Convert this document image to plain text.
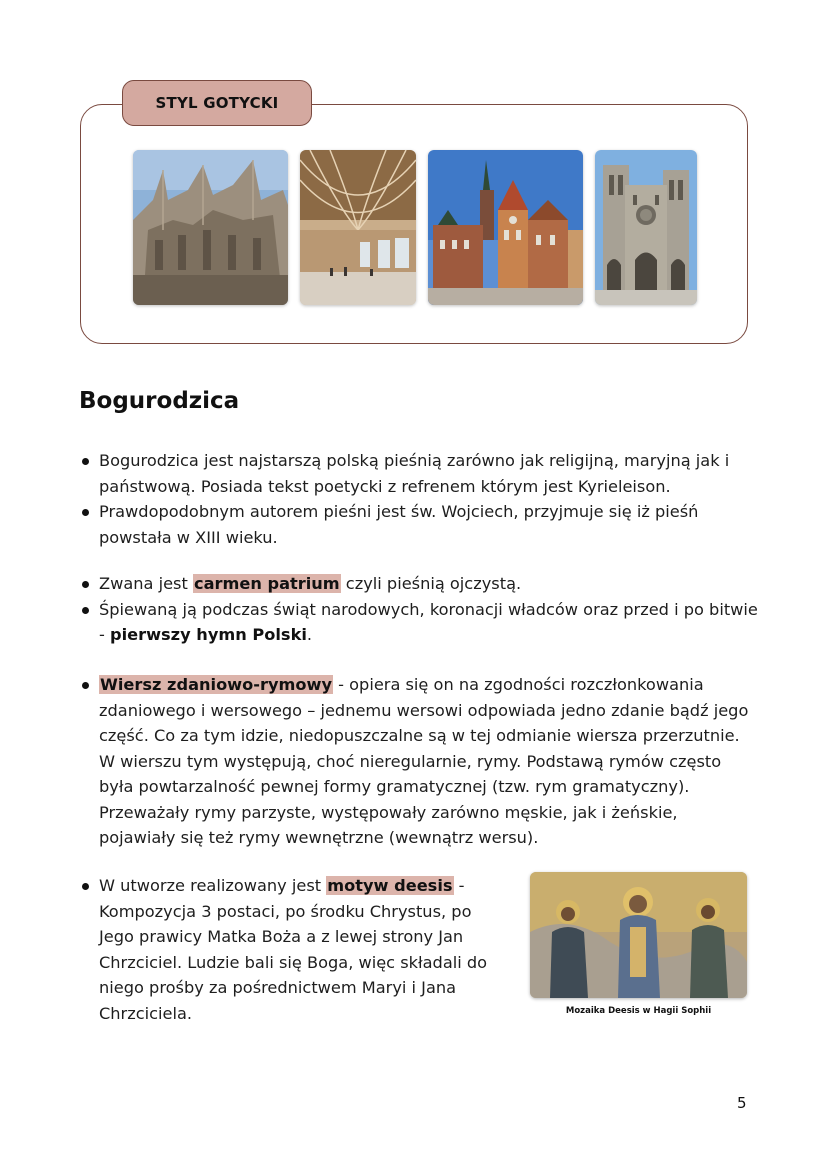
STYL GOTYCKI
Bogurodzica
Bogurodzica jest najstarszą polską pieśnią zarówno jak religijną, maryjną jak i państwową. Posiada tekst poetycki z refrenem którym jest Kyrieleison.
Prawdopodobnym autorem pieśni jest św. Wojciech, przyjmuje się iż pieśń powstała w XIII wieku.
Zwana jest carmen patrium czyli pieśnią ojczystą.
Śpiewaną ją podczas świąt narodowych, koronacji władców oraz przed i po bitwie - pierwszy hymn Polski.
Wiersz zdaniowo-rymowy - opiera się on na zgodności rozczłonkowania zdaniowego i wersowego – jednemu wersowi odpowiada jedno zdanie bądź jego część. Co za tym idzie, niedopuszczalne są w tej odmianie wiersza przerzutnie. W wierszu tym występują, choć nieregularnie, rymy. Podstawą rymów często była powtarzalność pewnej formy gramatycznej (tzw. rym gramatyczny). Przeważały rymy parzyste, występowały zarówno męskie, jak i żeńskie, pojawiały się też rymy wewnętrzne (wewnątrz wersu).
W utworze realizowany jest motyw deesis - Kompozycja 3 postaci, po środku Chrystus, po Jego prawicy Matka Boża a z lewej strony Jan Chrzciciel. Ludzie bali się Boga, więc składali do niego prośby za pośrednictwem Maryi i Jana Chrzciciela.	Mozaika Deesis w Hagii Sophii
5
